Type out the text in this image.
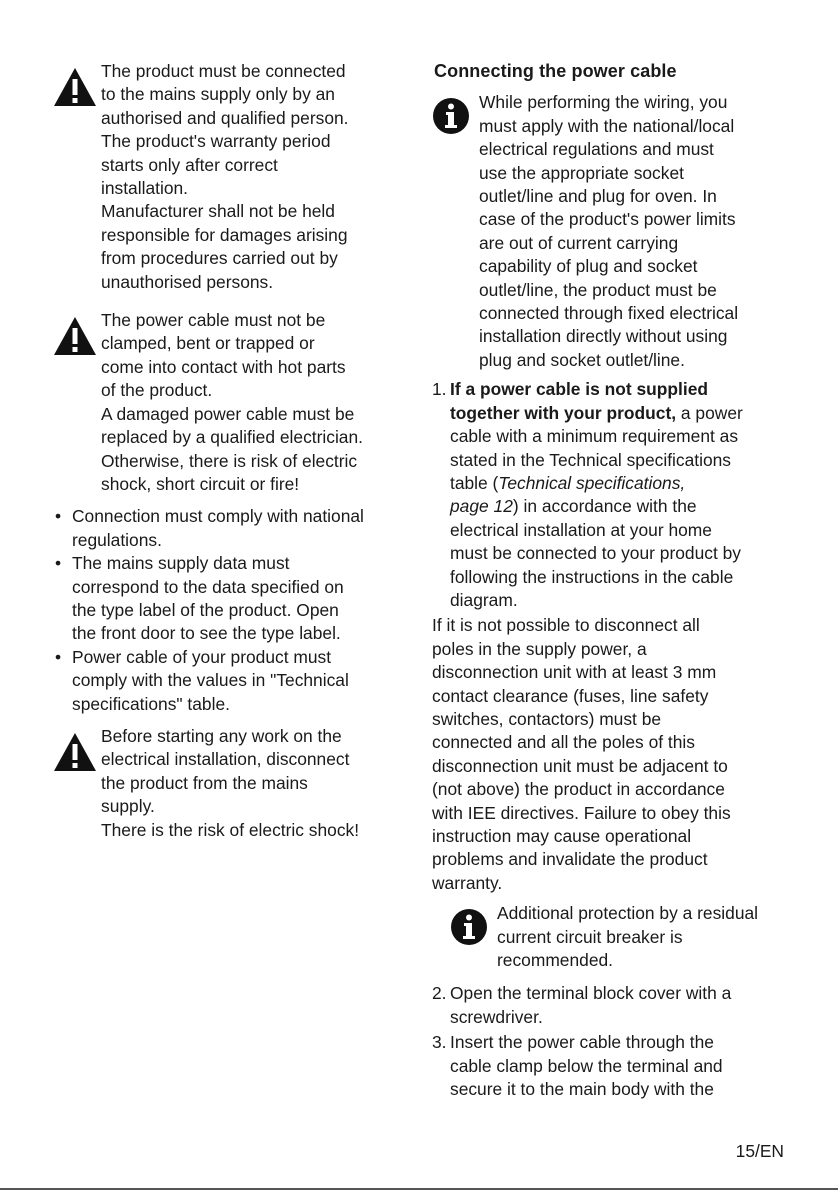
The product must be connected
to the mains supply only by an
authorised and qualified person.
The product's warranty period
starts only after correct
installation.
Manufacturer shall not be held
responsible for damages arising
from procedures carried out by
unauthorised persons.
The power cable must not be
clamped, bent or trapped or
come into contact with hot parts
of the product.
A damaged power cable must be
replaced by a qualified electrician.
Otherwise, there is risk of electric
shock, short circuit or fire!
• Connection must comply with national
regulations.
• The mains supply data must
correspond to the data specified on
the type label of the product. Open
the front door to see the type label.
• Power cable of your product must
comply with the values in "Technical
specifications" table.
Before starting any work on the
electrical installation, disconnect
the product from the mains
supply.
There is the risk of electric shock!
Connecting the power cable
While performing the wiring, you
must apply with the national/local
electrical regulations and must
use the appropriate socket
outlet/line and plug for oven. In
case of the product's power limits
are out of current carrying
capability of plug and socket
outlet/line, the product must be
connected through fixed electrical
installation directly without using
plug and socket outlet/line.
1. If a power cable is not supplied
together with your product, a power
cable with a minimum requirement as
stated in the Technical specifications
table (Technical specifications,
page 12) in accordance with the
electrical installation at your home
must be connected to your product by
following the instructions in the cable
diagram.
If it is not possible to disconnect all
poles in the supply power, a
disconnection unit with at least 3 mm
contact clearance (fuses, line safety
switches, contactors) must be
connected and all the poles of this
disconnection unit must be adjacent to
(not above) the product in accordance
with IEE directives. Failure to obey this
instruction may cause operational
problems and invalidate the product
warranty.
Additional protection by a residual
current circuit breaker is
recommended.
2. Open the terminal block cover with a
screwdriver.
3. Insert the power cable through the
cable clamp below the terminal and
secure it to the main body with the
15/EN
